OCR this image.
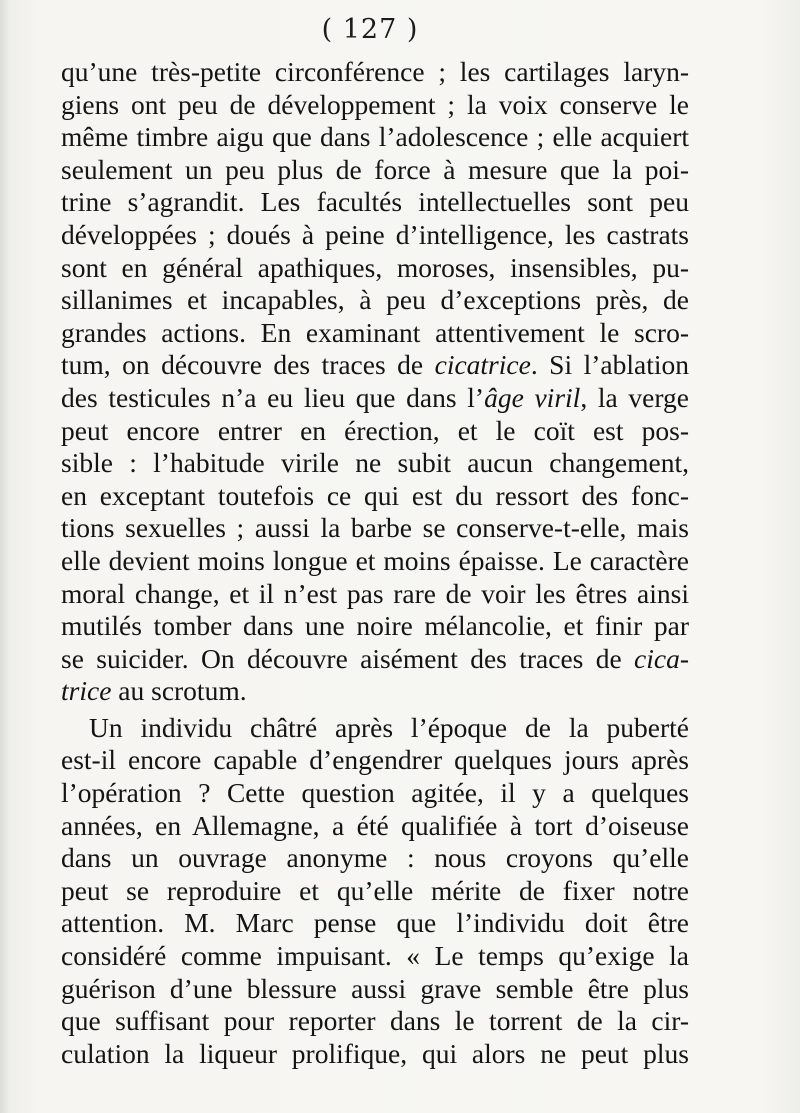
( 127 )
qu’une très-petite circonférence ; les cartilages laryn-
giens ont peu de développement ; la voix conserve le
même timbre aigu que dans l’adolescence ; elle acquiert
seulement un peu plus de force à mesure que la poi-
trine s’agrandit. Les facultés intellectuelles sont peu
développées ; doués à peine d’intelligence, les castrats
sont en général apathiques, moroses, insensibles, pu-
sillanimes et incapables, à peu d’exceptions près, de
grandes actions. En examinant attentivement le scro-
tum, on découvre des traces de cicatrice. Si l’ablation
des testicules n’a eu lieu que dans l’âge viril, la verge
peut encore entrer en érection, et le coït est pos-
sible : l’habitude virile ne subit aucun changement,
en exceptant toutefois ce qui est du ressort des fonc-
tions sexuelles ; aussi la barbe se conserve-t-elle, mais
elle devient moins longue et moins épaisse. Le caractère
moral change, et il n’est pas rare de voir les êtres ainsi
mutilés tomber dans une noire mélancolie, et finir par
se suicider. On découvre aisément des traces de cica-
trice au scrotum.
Un individu châtré après l’époque de la puberté
est-il encore capable d’engendrer quelques jours après
l’opération ? Cette question agitée, il y a quelques
années, en Allemagne, a été qualifiée à tort d’oiseuse
dans un ouvrage anonyme : nous croyons qu’elle
peut se reproduire et qu’elle mérite de fixer notre
attention. M. Marc pense que l’individu doit être
considéré comme impuisant. « Le temps qu’exige la
guérison d’une blessure aussi grave semble être plus
que suffisant pour reporter dans le torrent de la cir-
culation la liqueur prolifique, qui alors ne peut plus
